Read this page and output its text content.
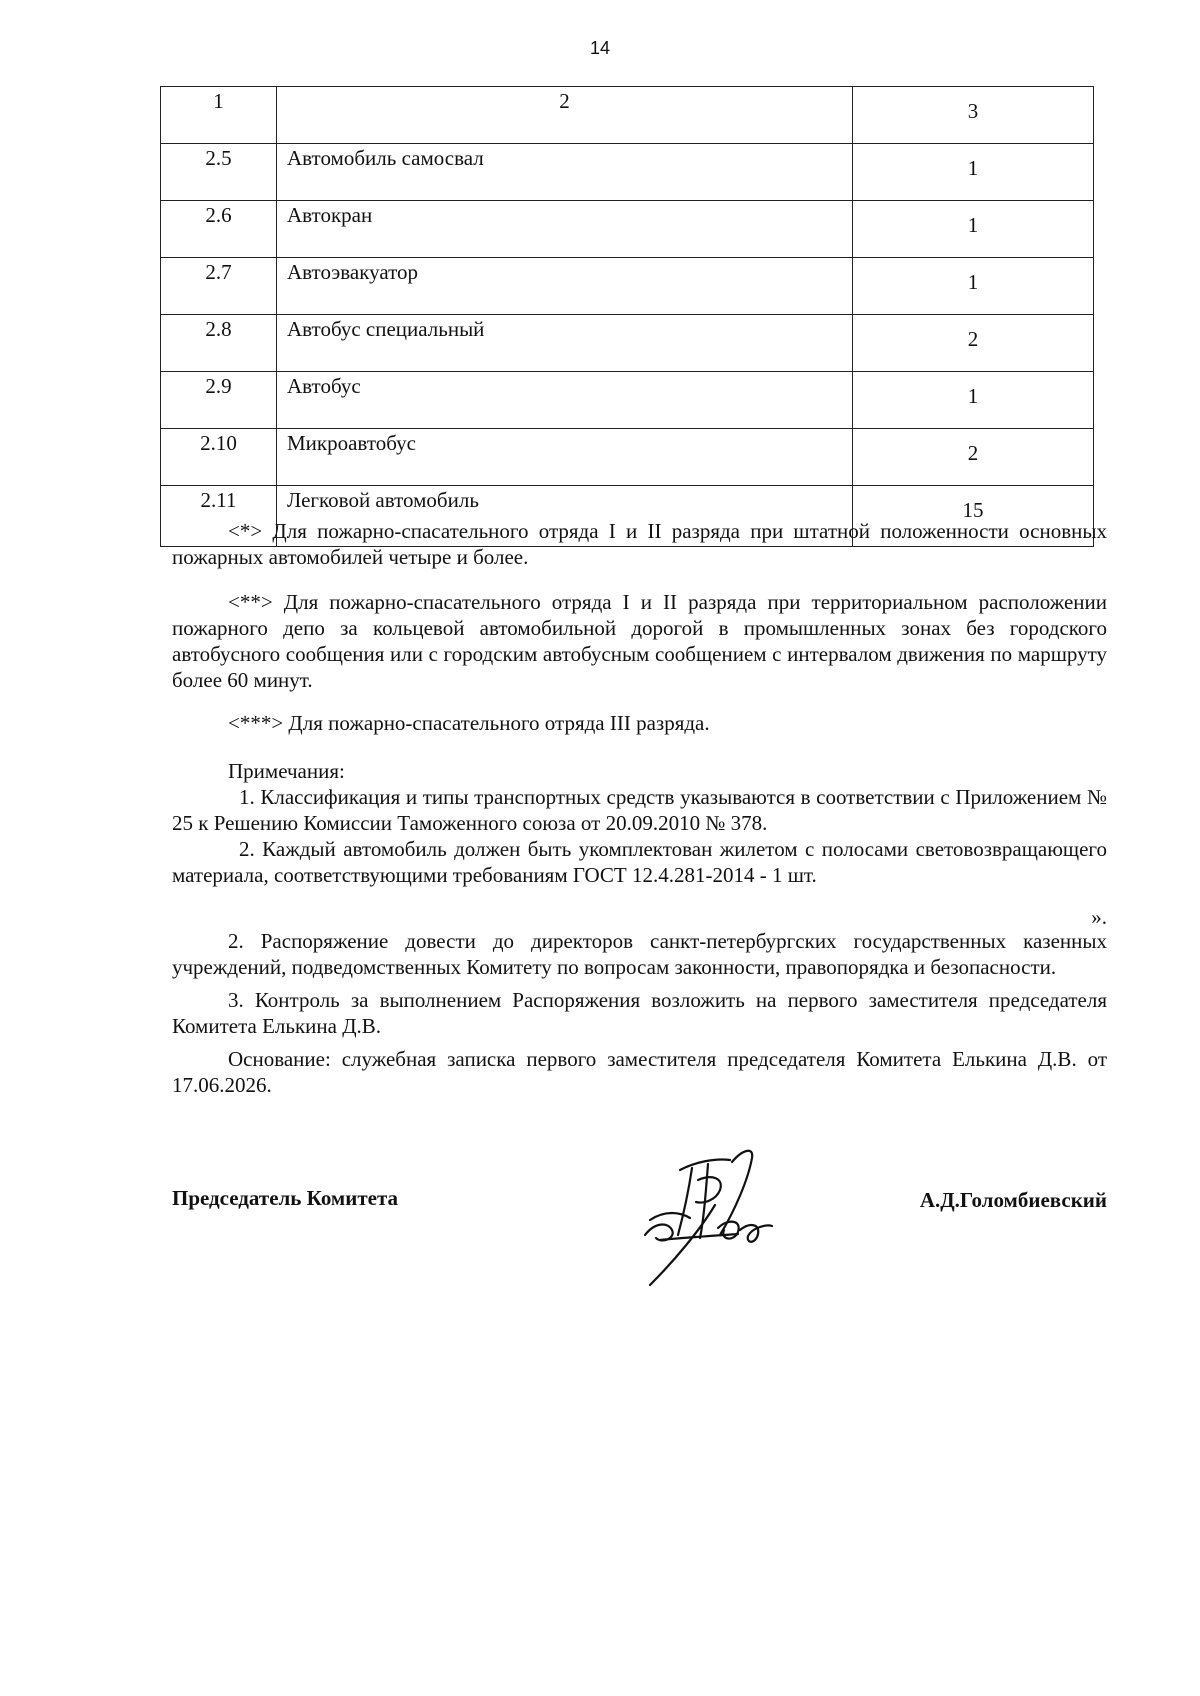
14
1	2	3
2.5	Автомобиль самосвал	1
2.6	Автокран	1
2.7	Автоэвакуатор	1
2.8	Автобус специальный	2
2.9	Автобус	1
2.10	Микроавтобус	2
2.11	Легковой автомобиль	15

<*> Для пожарно-спасательного отряда I и II разряда при штатной положенности основных пожарных автомобилей четыре и более.

<**> Для пожарно-спасательного отряда I и II разряда при территориальном расположении пожарного депо за кольцевой автомобильной дорогой в промышленных зонах без городского автобусного сообщения или с городским автобусным сообщением с интервалом движения по маршруту более 60 минут.

<***> Для пожарно-спасательного отряда III разряда.

Примечания:

1. Классификация и типы транспортных средств указываются в соответствии с Приложением № 25 к Решению Комиссии Таможенного союза от 20.09.2010 № 378.

2. Каждый автомобиль должен быть укомплектован жилетом с полосами световозвращающего материала, соответствующими требованиям ГОСТ 12.4.281-2014 - 1 шт.

».

2. Распоряжение довести до директоров санкт-петербургских государственных казенных учреждений, подведомственных Комитету по вопросам законности, правопорядка и безопасности.

3. Контроль за выполнением Распоряжения возложить на первого заместителя председателя Комитета Елькина Д.В.

Основание: служебная записка первого заместителя председателя Комитета Елькина Д.В. от 17.06.2026.

Председатель Комитета	А.Д.Голомбиевский
